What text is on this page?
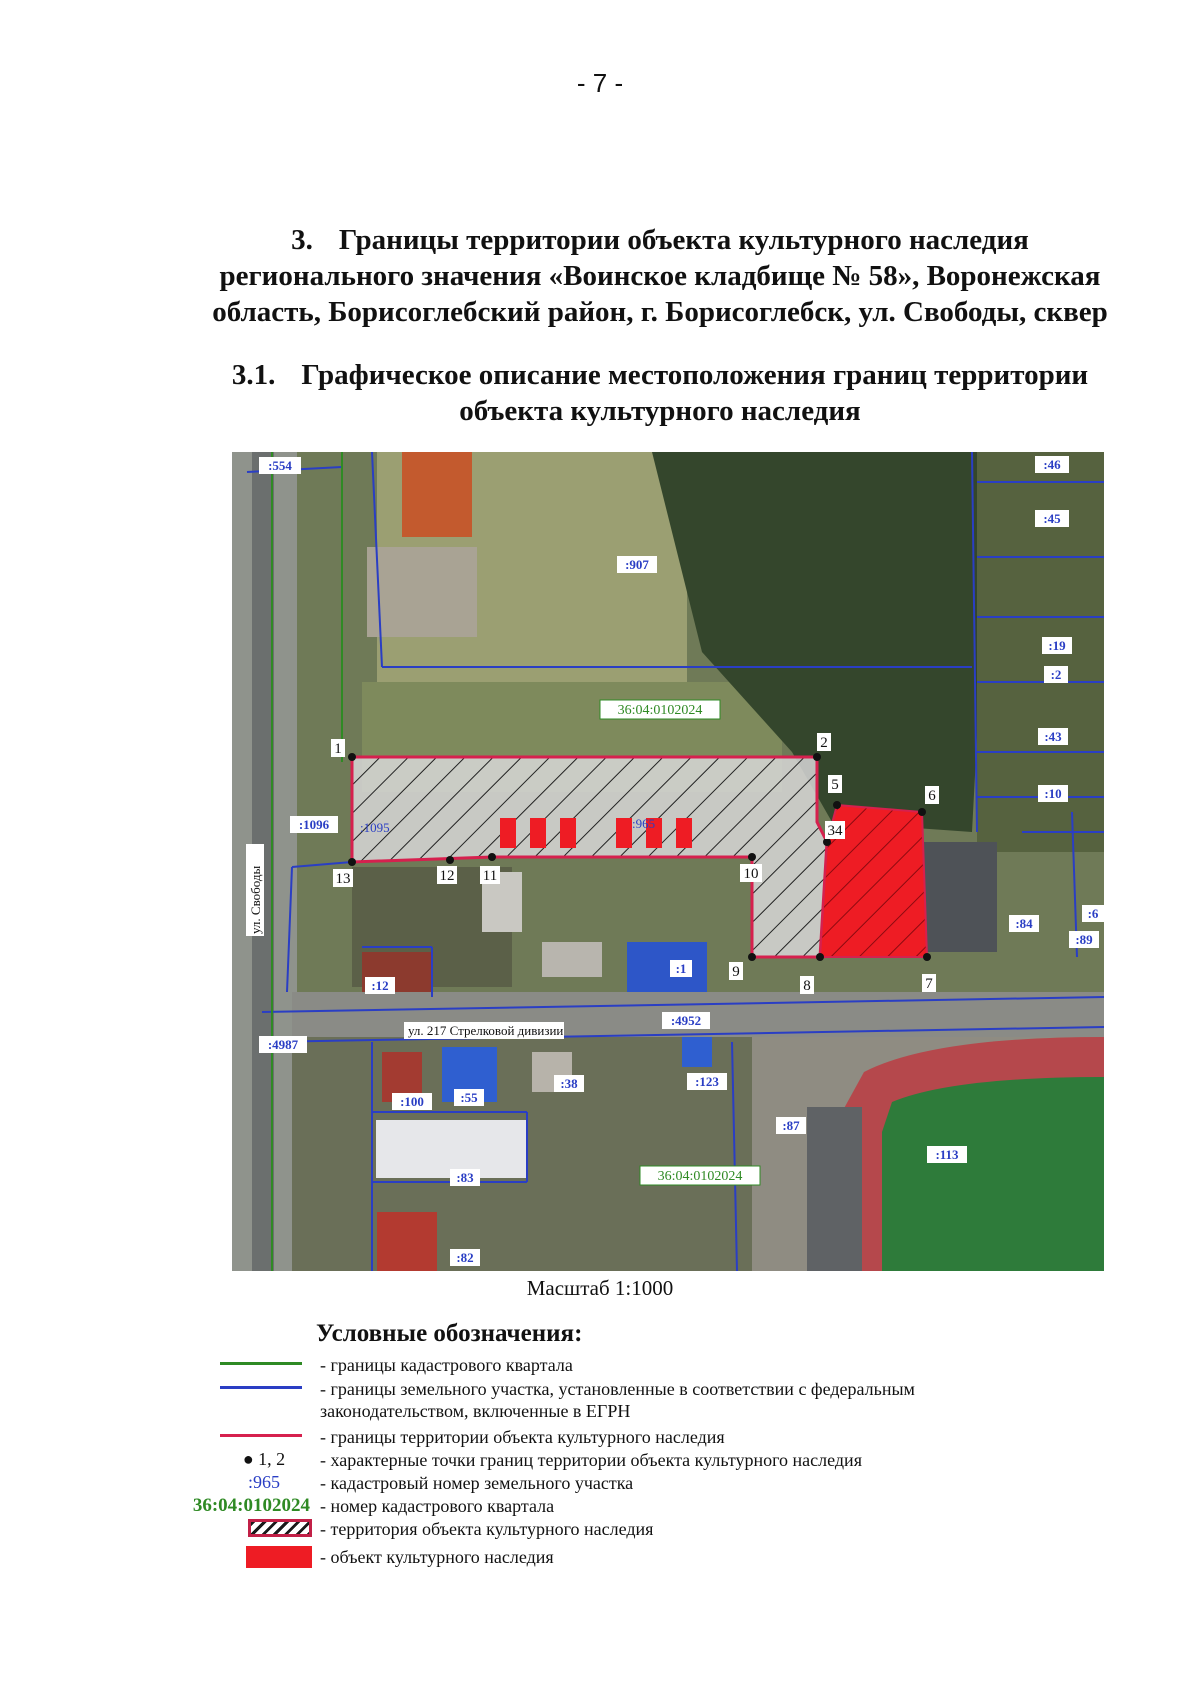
- 7 -
3. Границы территории объекта культурного наследия регионального значения «Воинское кладбище № 58», Воронежская область, Борисоглебский район, г. Борисоглебск, ул. Свободы, сквер
3.1. Графическое описание местоположения границ территории объекта культурного наследия
1	2
5
6
34
10
13	12 11
9
8	7
:554
:907
:46
:45
:19
:2
:43
:10
:1096
:6
:84
:89
:12
:1
:4952
:4987
:38	:123
:100	:55
:87
:83
:113
:82
:1095	:965
36:04:0102024
36:04:0102024
ул. Свободы
ул. 217 Стрелковой дивизии
Масштаб 1:1000
Условные обозначения:
- границы кадастрового квартала
- границы земельного участка, установленные в соответствии с федеральным законодательством, включенные в ЕГРН
- границы территории объекта культурного наследия
● 1, 2	- характерные точки границ территории объекта культурного наследия
:965	- кадастровый номер земельного участка
36:04:0102024 - номер кадастрового квартала
- территория объекта культурного наследия
- объект культурного наследия
